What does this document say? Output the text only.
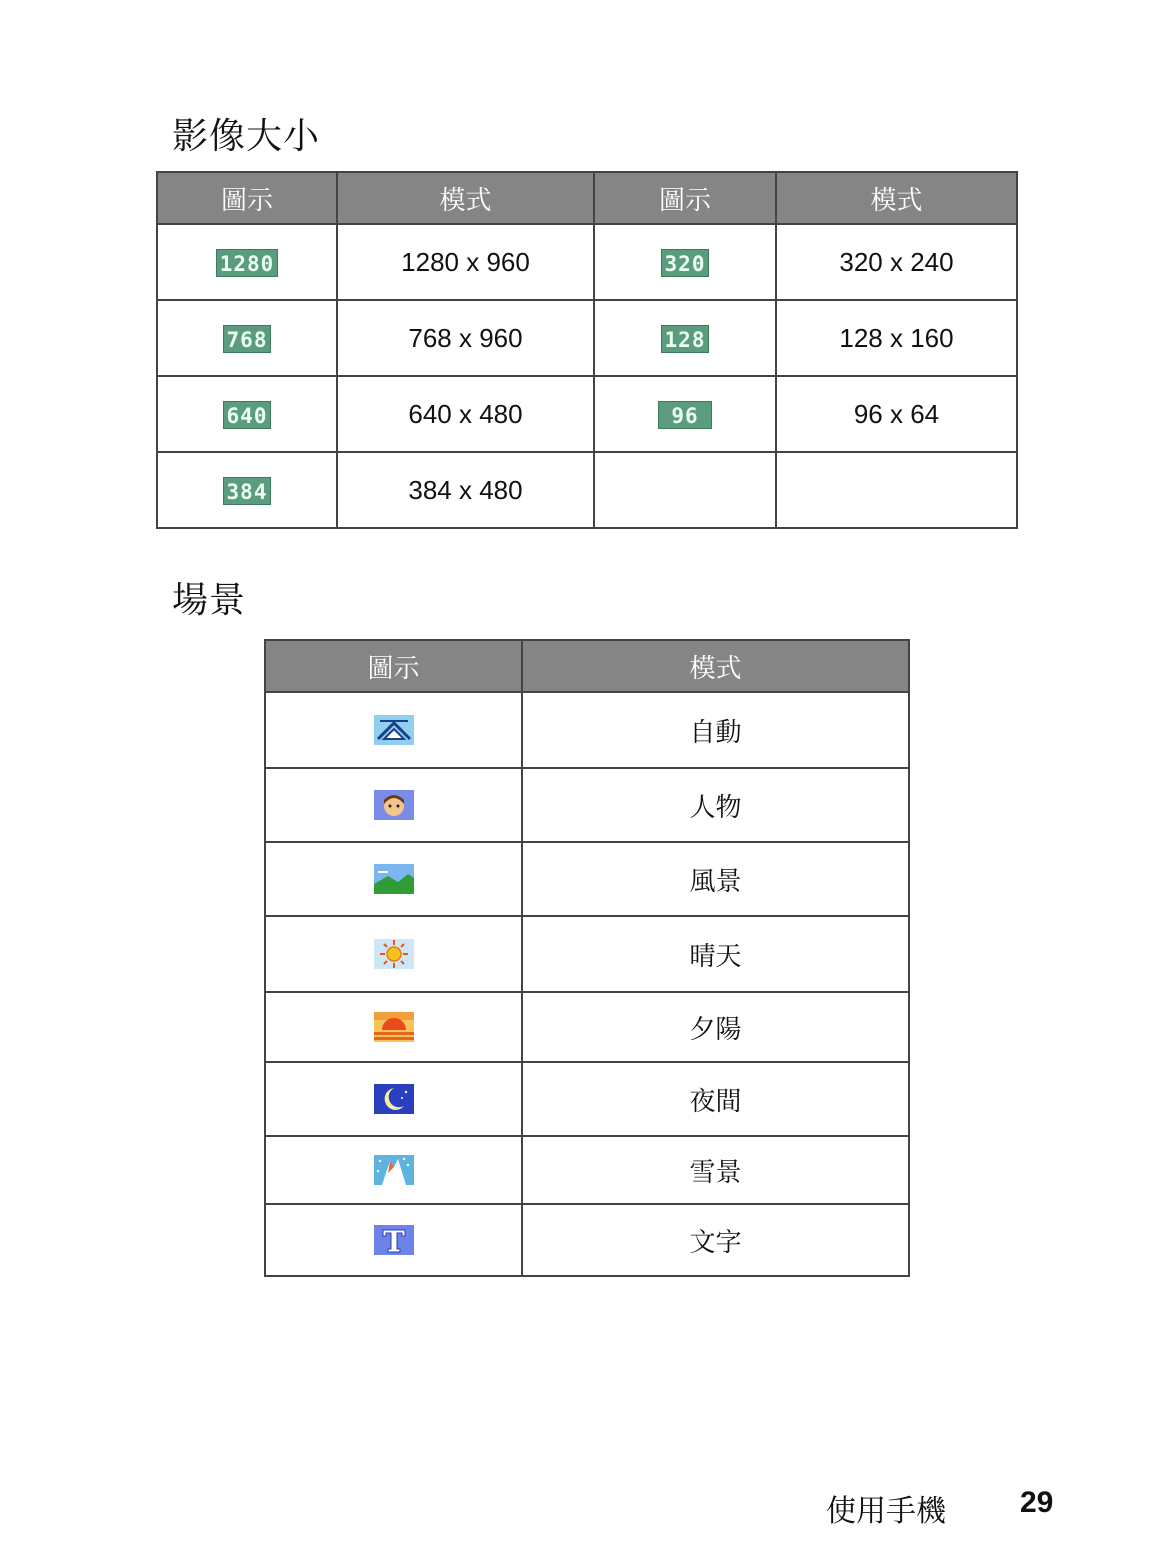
影像大小
圖示	模式	圖示	模式
1280	1280 x 960	320	320 x 240
768	768 x 960	128	128 x 160
640	640 x 480	96	96 x 64
384	384 x 480		
場景
圖示	模式
	自動
	人物
	風景
	晴天
	夕陽
	夜間
	雪景
	文字
使用手機 29
